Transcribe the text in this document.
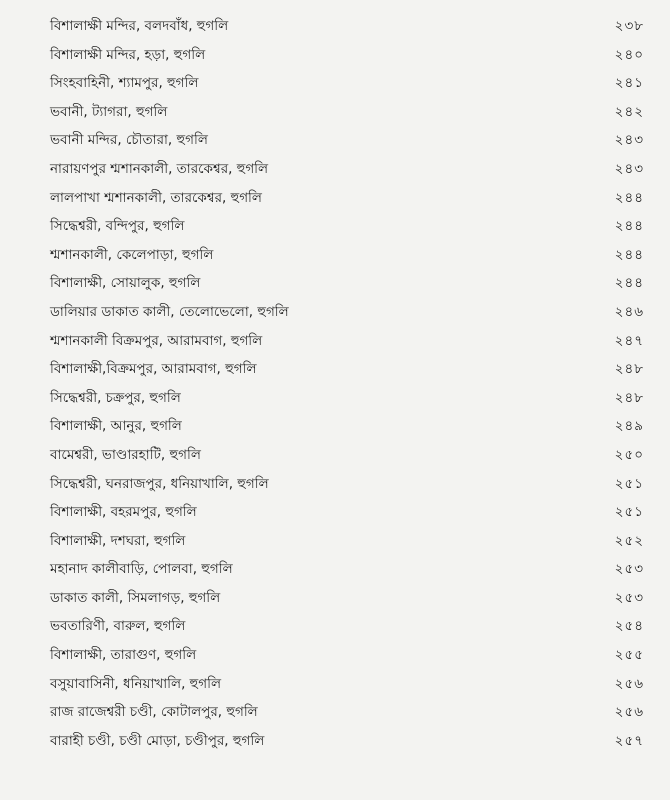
বিশালাক্ষী মন্দির, বলদবাঁধ, হুগলি	২৩৮
বিশালাক্ষী মন্দির, হড়া, হুগলি	২৪০
সিংহবাহিনী, শ্যামপুর, হুগলি	২৪১
ভবানী, ট্যাগরা, হুগলি	২৪২
ভবানী মন্দির, চৌতারা, হুগলি	২৪৩
নারায়ণপুর শ্মশানকালী, তারকেশ্বর, হুগলি	২৪৩
লালপাখা শ্মশানকালী, তারকেশ্বর, হুগলি	২৪৪
সিদ্ধেশ্বরী, বন্দিপুর, হুগলি	২৪৪
শ্মশানকালী, কেলেপাড়া, হুগলি	২৪৪
বিশালাক্ষী, সোয়ালুক, হুগলি	২৪৪
ডালিয়ার ডাকাত কালী, তেলোভেলো, হুগলি	২৪৬
শ্মশানকালী বিক্রমপুর, আরামবাগ, হুগলি	২৪৭
বিশালাক্ষী,বিক্রমপুর, আরামবাগ, হুগলি	২৪৮
সিদ্ধেশ্বরী, চক্রপুর, হুগলি	২৪৮
বিশালাক্ষী, আনুর, হুগলি	২৪৯
বামেশ্বরী, ভাণ্ডারহাটি, হুগলি	২৫০
সিদ্ধেশ্বরী, ঘনরাজপুর, ধনিয়াখালি, হুগলি	২৫১
বিশালাক্ষী, বহরমপুর, হুগলি	২৫১
বিশালাক্ষী, দশঘরা, হুগলি	২৫২
মহানাদ কালীবাড়ি, পোলবা, হুগলি	২৫৩
ডাকাত কালী, সিমলাগড়, হুগলি	২৫৩
ভবতারিণী, বারুল, হুগলি	২৫৪
বিশালাক্ষী, তারাগুণ, হুগলি	২৫৫
বসুয়াবাসিনী, ধনিয়াখালি, হুগলি	২৫৬
রাজ রাজেশ্বরী চণ্ডী, কোটালপুর, হুগলি	২৫৬
বারাহী চণ্ডী, চণ্ডী মোড়া, চণ্ডীপুর, হুগলি	২৫৭
